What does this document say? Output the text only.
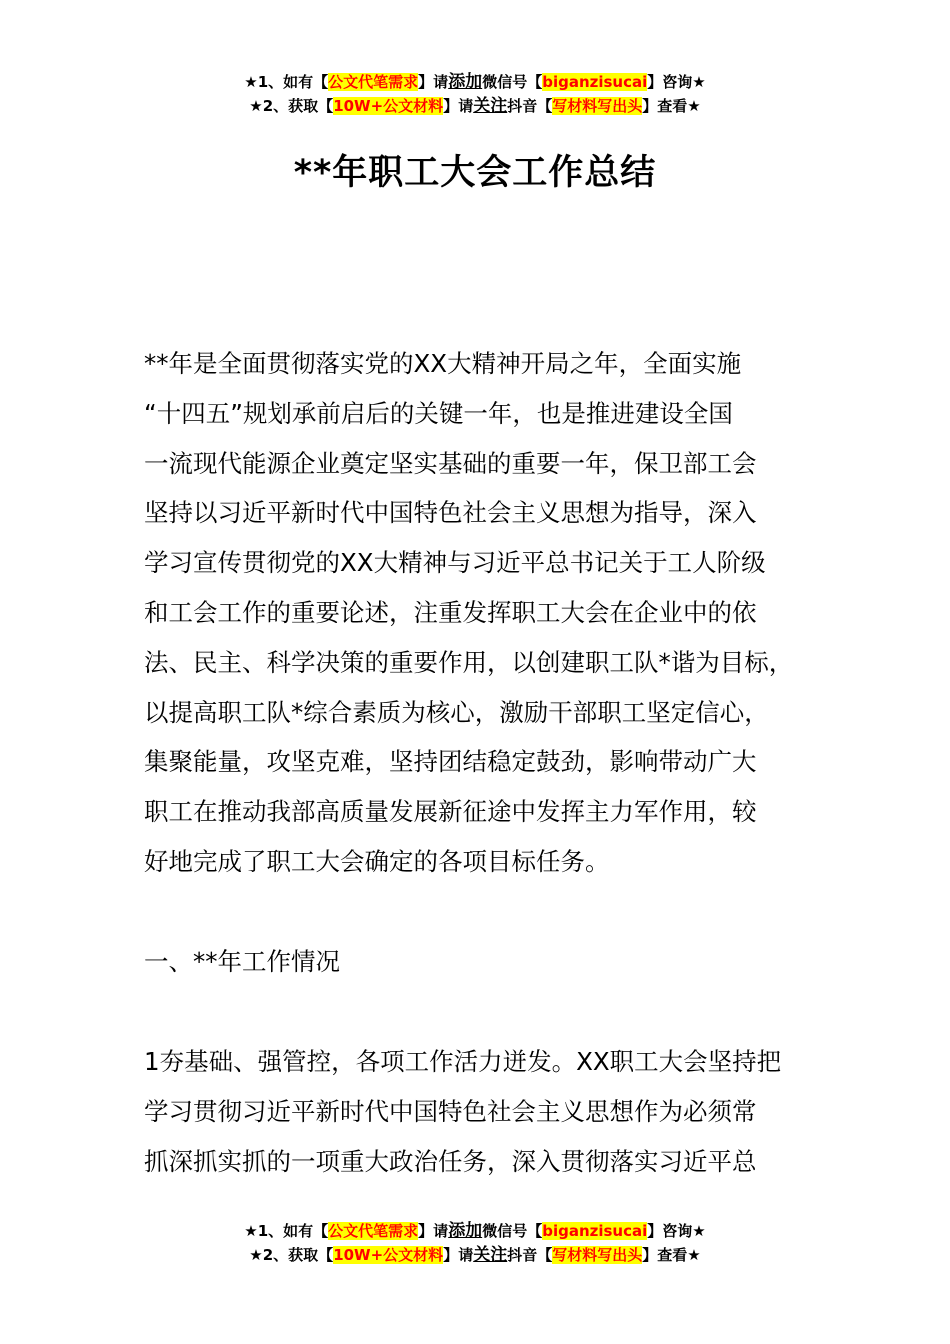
★1、如有【公文代笔需求】请添加微信号【biganzisucai】咨询★
★2、获取【10W+公文材料】请关注抖音【写材料写出头】查看★
**年职工大会工作总结
**年是全面贯彻落实党的XX大精神开局之年，全面实施
“十四五”规划承前启后的关键一年，也是推进建设全国
一流现代能源企业奠定坚实基础的重要一年，保卫部工会
坚持以习近平新时代中国特色社会主义思想为指导，深入
学习宣传贯彻党的XX大精神与习近平总书记关于工人阶级
和工会工作的重要论述，注重发挥职工大会在企业中的依
法、民主、科学决策的重要作用，以创建职工队*谐为目标，
以提高职工队*综合素质为核心，激励干部职工坚定信心，
集聚能量，攻坚克难，坚持团结稳定鼓劲，影响带动广大
职工在推动我部高质量发展新征途中发挥主力军作用，较
好地完成了职工大会确定的各项目标任务。
一、**年工作情况
1夯基础、强管控，各项工作活力迸发。XX职工大会坚持把
学习贯彻习近平新时代中国特色社会主义思想作为必须常
抓深抓实抓的一项重大政治任务，深入贯彻落实习近平总
★1、如有【公文代笔需求】请添加微信号【biganzisucai】咨询★
★2、获取【10W+公文材料】请关注抖音【写材料写出头】查看★
